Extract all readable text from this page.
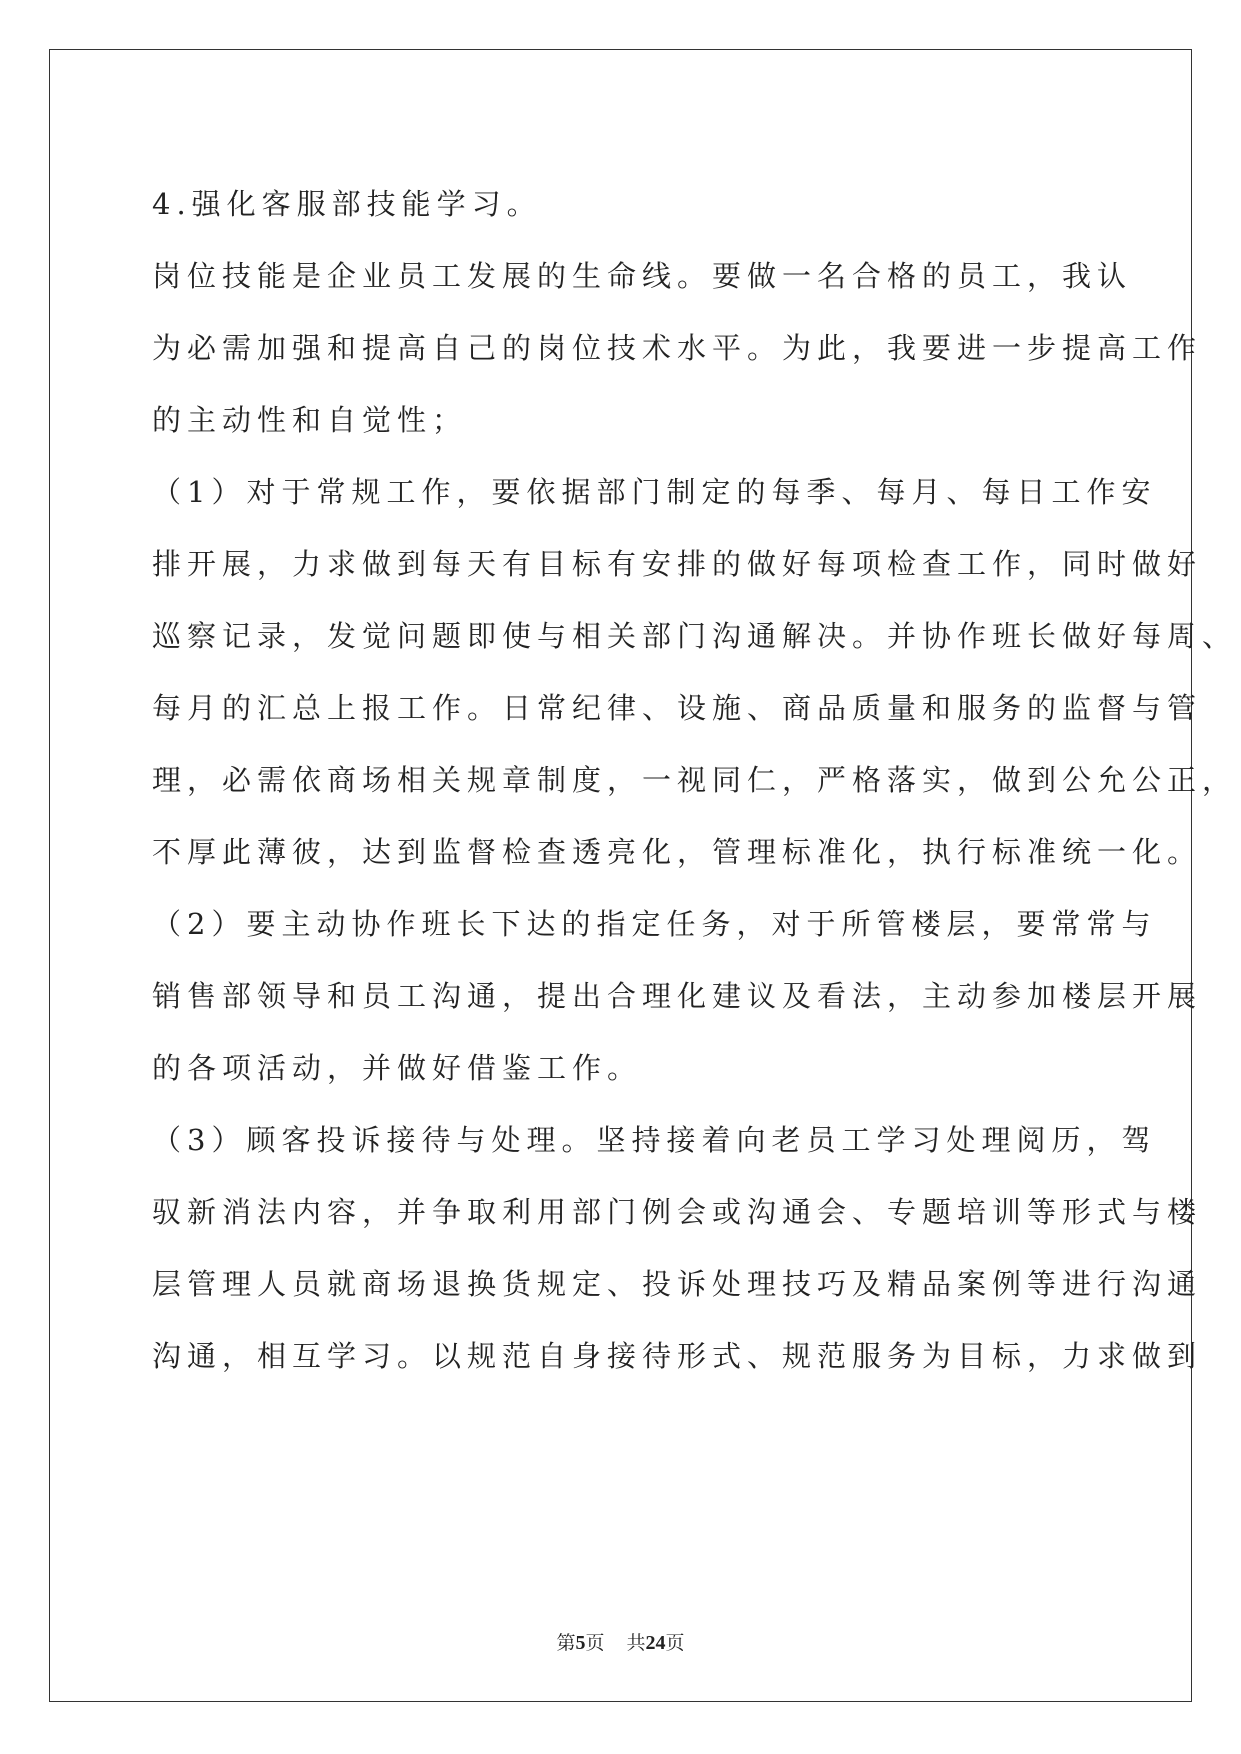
4.强化客服部技能学习。
岗位技能是企业员工发展的生命线。要做一名合格的员工，我认
为必需加强和提高自己的岗位技术水平。为此，我要进一步提高工作
的主动性和自觉性；
（1）对于常规工作，要依据部门制定的每季、每月、每日工作安
排开展，力求做到每天有目标有安排的做好每项检查工作，同时做好
巡察记录，发觉问题即使与相关部门沟通解决。并协作班长做好每周、
每月的汇总上报工作。日常纪律、设施、商品质量和服务的监督与管
理，必需依商场相关规章制度，一视同仁，严格落实，做到公允公正，
不厚此薄彼，达到监督检查透亮化，管理标准化，执行标准统一化。
（2）要主动协作班长下达的指定任务，对于所管楼层，要常常与
销售部领导和员工沟通，提出合理化建议及看法，主动参加楼层开展
的各项活动，并做好借鉴工作。
（3）顾客投诉接待与处理。坚持接着向老员工学习处理阅历，驾
驭新消法内容，并争取利用部门例会或沟通会、专题培训等形式与楼
层管理人员就商场退换货规定、投诉处理技巧及精品案例等进行沟通
沟通，相互学习。以规范自身接待形式、规范服务为目标，力求做到
第5页 共24页
